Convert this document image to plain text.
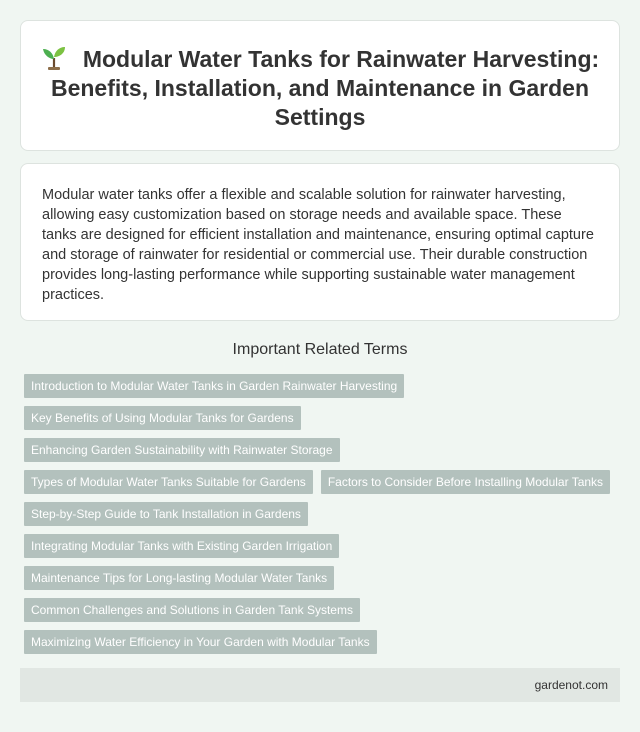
Modular Water Tanks for Rainwater Harvesting: Benefits, Installation, and Maintenance in Garden Settings

Modular water tanks offer a flexible and scalable solution for rainwater harvesting, allowing easy customization based on storage needs and available space. These tanks are designed for efficient installation and maintenance, ensuring optimal capture and storage of rainwater for residential or commercial use. Their durable construction provides long-lasting performance while supporting sustainable water management practices.

Important Related Terms
Introduction to Modular Water Tanks in Garden Rainwater Harvesting
Key Benefits of Using Modular Tanks for Gardens
Enhancing Garden Sustainability with Rainwater Storage
Types of Modular Water Tanks Suitable for Gardens	Factors to Consider Before Installing Modular Tanks
Step-by-Step Guide to Tank Installation in Gardens
Integrating Modular Tanks with Existing Garden Irrigation
Maintenance Tips for Long-lasting Modular Water Tanks
Common Challenges and Solutions in Garden Tank Systems
Maximizing Water Efficiency in Your Garden with Modular Tanks
gardenot.com
